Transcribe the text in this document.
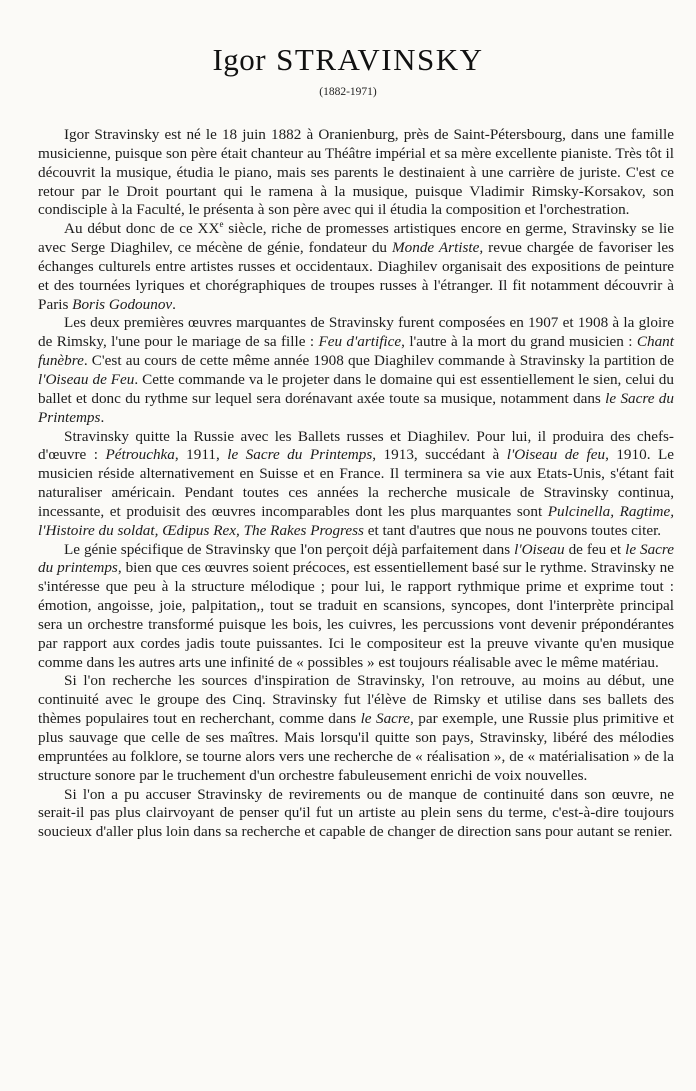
Igor STRAVINSKY
(1882-1971)

Igor Stravinsky est né le 18 juin 1882 à Oranienburg, près de Saint-Pétersbourg, dans une famille musicienne, puisque son père était chanteur au Théâtre impérial et sa mère excellente pianiste. Très tôt il découvrit la musique, étudia le piano, mais ses parents le destinaient à une carrière de juriste. C'est ce retour par le Droit pourtant qui le ramena à la musique, puisque Vladimir Rimsky-Korsakov, son condisciple à la Faculté, le présenta à son père avec qui il étudia la composition et l'orchestration.

Au début donc de ce XXe siècle, riche de promesses artistiques encore en germe, Stravinsky se lie avec Serge Diaghilev, ce mécène de génie, fondateur du Monde Artiste, revue chargée de favoriser les échanges culturels entre artistes russes et occidentaux. Diaghilev organisait des expositions de peinture et des tournées lyriques et chorégraphiques de troupes russes à l'étranger. Il fit notamment découvrir à Paris Boris Godounov.

Les deux premières œuvres marquantes de Stravinsky furent composées en 1907 et 1908 à la gloire de Rimsky, l'une pour le mariage de sa fille : Feu d'artifice, l'autre à la mort du grand musicien : Chant funèbre. C'est au cours de cette même année 1908 que Diaghilev commande à Stravinsky la partition de l'Oiseau de Feu. Cette commande va le projeter dans le domaine qui est essentiellement le sien, celui du ballet et donc du rythme sur lequel sera dorénavant axée toute sa musique, notamment dans le Sacre du Printemps.

Stravinsky quitte la Russie avec les Ballets russes et Diaghilev. Pour lui, il produira des chefs-d'œuvre : Pétrouchka, 1911, le Sacre du Printemps, 1913, succédant à l'Oiseau de feu, 1910. Le musicien réside alternativement en Suisse et en France. Il terminera sa vie aux Etats-Unis, s'étant fait naturaliser américain. Pendant toutes ces années la recherche musicale de Stravinsky continua, incessante, et produisit des œuvres incomparables dont les plus marquantes sont Pulcinella, Ragtime, l'Histoire du soldat, Œdipus Rex, The Rakes Progress et tant d'autres que nous ne pouvons toutes citer.

Le génie spécifique de Stravinsky que l'on perçoit déjà parfaitement dans l'Oiseau de feu et le Sacre du printemps, bien que ces œuvres soient précoces, est essentiellement basé sur le rythme. Stravinsky ne s'intéresse que peu à la structure mélodique ; pour lui, le rapport rythmique prime et exprime tout : émotion, angoisse, joie, palpitation,, tout se traduit en scansions, syncopes, dont l'interprète principal sera un orchestre transformé puisque les bois, les cuivres, les percussions vont devenir prépondérantes par rapport aux cordes jadis toute puissantes. Ici le compositeur est la preuve vivante qu'en musique comme dans les autres arts une infinité de « possibles » est toujours réalisable avec le même matériau.

Si l'on recherche les sources d'inspiration de Stravinsky, l'on retrouve, au moins au début, une continuité avec le groupe des Cinq. Stravinsky fut l'élève de Rimsky et utilise dans ses ballets des thèmes populaires tout en recherchant, comme dans le Sacre, par exemple, une Russie plus primitive et plus sauvage que celle de ses maîtres. Mais lorsqu'il quitte son pays, Stravinsky, libéré des mélodies empruntées au folklore, se tourne alors vers une recherche de « réalisation », de « matérialisation » de la structure sonore par le truchement d'un orchestre fabuleusement enrichi de voix nouvelles.

Si l'on a pu accuser Stravinsky de revirements ou de manque de continuité dans son œuvre, ne serait-il pas plus clairvoyant de penser qu'il fut un artiste au plein sens du terme, c'est-à-dire toujours soucieux d'aller plus loin dans sa recherche et capable de changer de direction sans pour autant se renier.
